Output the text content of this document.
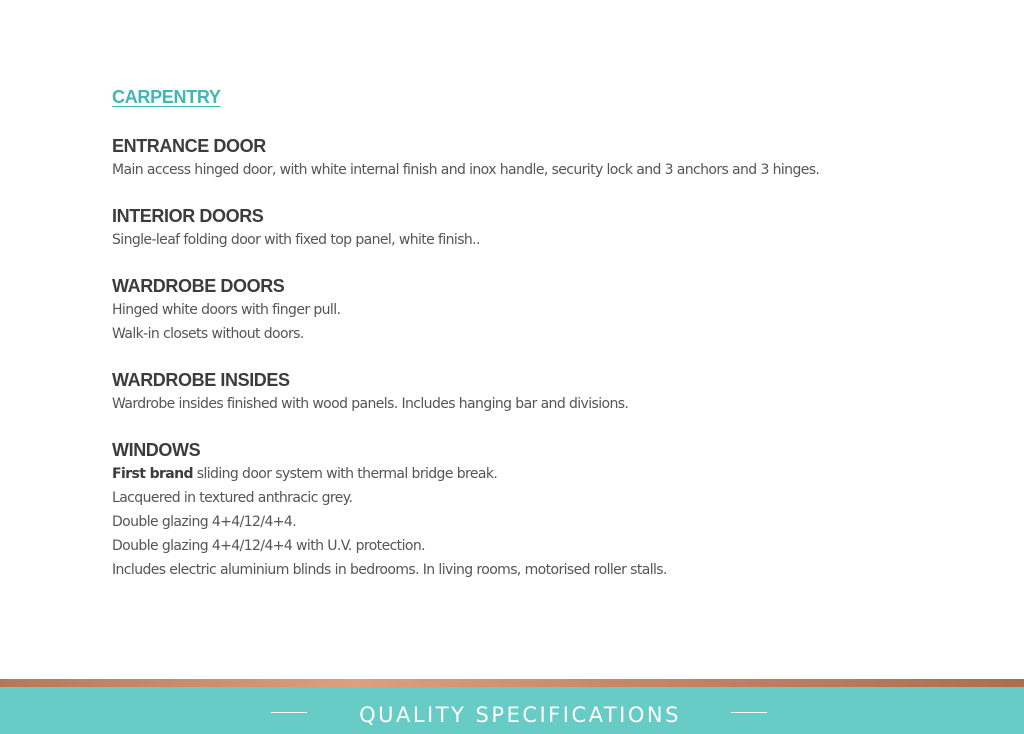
CARPENTRY
ENTRANCE DOOR

Main access hinged door, with white internal finish and inox handle, security lock and 3 anchors and 3 hinges.

INTERIOR DOORS

Single-leaf folding door with fixed top panel, white finish..

WARDROBE DOORS

Hinged white doors with finger pull.

Walk-in closets without doors.

WARDROBE INSIDES

Wardrobe insides finished with wood panels. Includes hanging bar and divisions.

WINDOWS

First brand sliding door system with thermal bridge break.

Lacquered in textured anthracic grey.

Double glazing 4+4/12/4+4.

Double glazing 4+4/12/4+4 with U.V. protection.

Includes electric aluminium blinds in bedrooms. In living rooms, motorised roller stalls.

QUALITY SPECIFICATIONS
